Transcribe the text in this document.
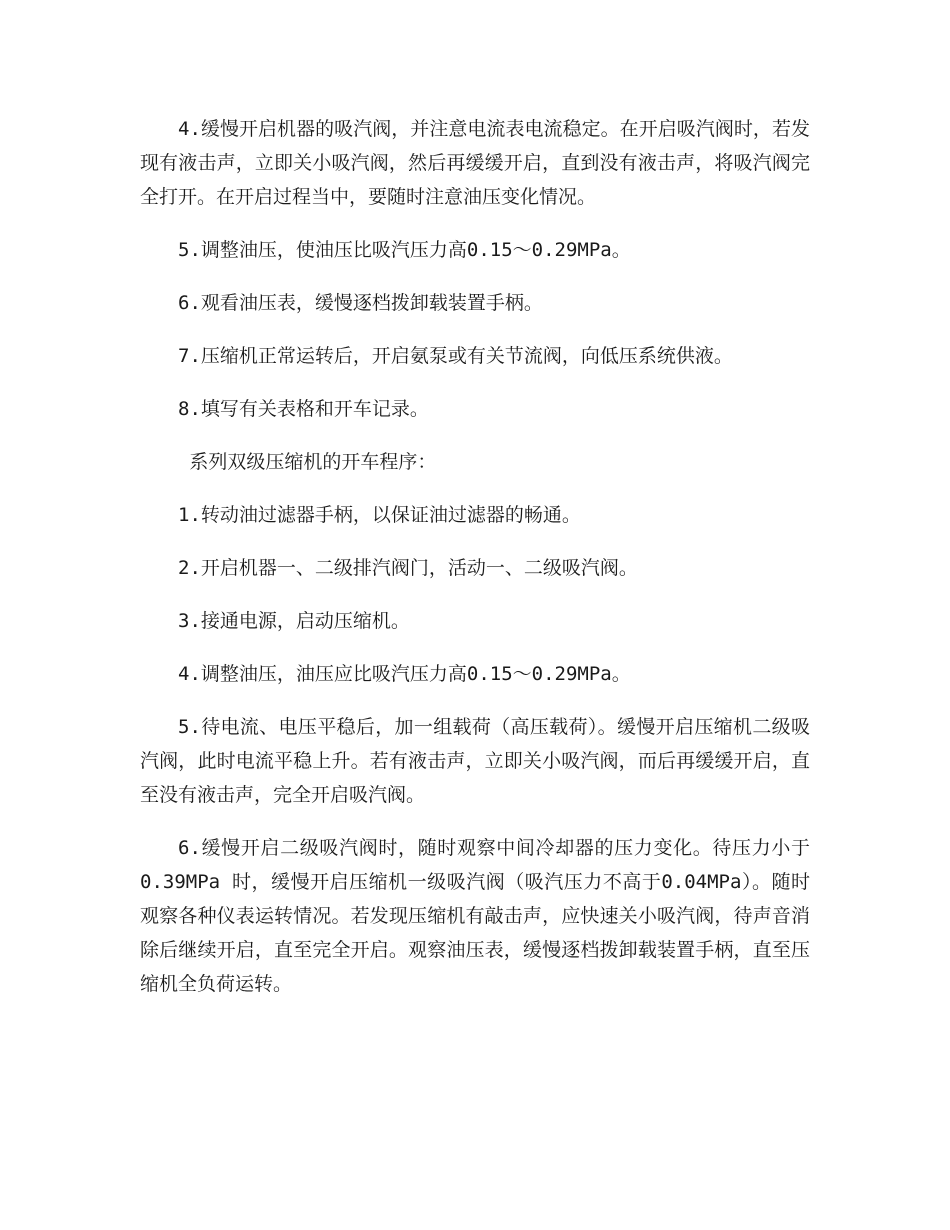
4.缓慢开启机器的吸汽阀，并注意电流表电流稳定。在开启吸汽阀时，若发现有液击声，立即关小吸汽阀，然后再缓缓开启，直到没有液击声，将吸汽阀完全打开。在开启过程当中，要随时注意油压变化情况。

5.调整油压，使油压比吸汽压力高0.15～0.29MPa。

6.观看油压表，缓慢逐档拨卸载装置手柄。

7.压缩机正常运转后，开启氨泵或有关节流阀，向低压系统供液。

8.填写有关表格和开车记录。

系列双级压缩机的开车程序：

1.转动油过滤器手柄，以保证油过滤器的畅通。

2.开启机器一、二级排汽阀门，活动一、二级吸汽阀。

3.接通电源，启动压缩机。

4.调整油压，油压应比吸汽压力高0.15～0.29MPa。

5.待电流、电压平稳后，加一组载荷（高压载荷）。缓慢开启压缩机二级吸汽阀，此时电流平稳上升。若有液击声，立即关小吸汽阀，而后再缓缓开启，直至没有液击声，完全开启吸汽阀。

6.缓慢开启二级吸汽阀时，随时观察中间冷却器的压力变化。待压力小于0.39MPa 时，缓慢开启压缩机一级吸汽阀（吸汽压力不高于0.04MPa）。随时观察各种仪表运转情况。若发现压缩机有敲击声，应快速关小吸汽阀，待声音消除后继续开启，直至完全开启。观察油压表，缓慢逐档拨卸载装置手柄，直至压缩机全负荷运转。
